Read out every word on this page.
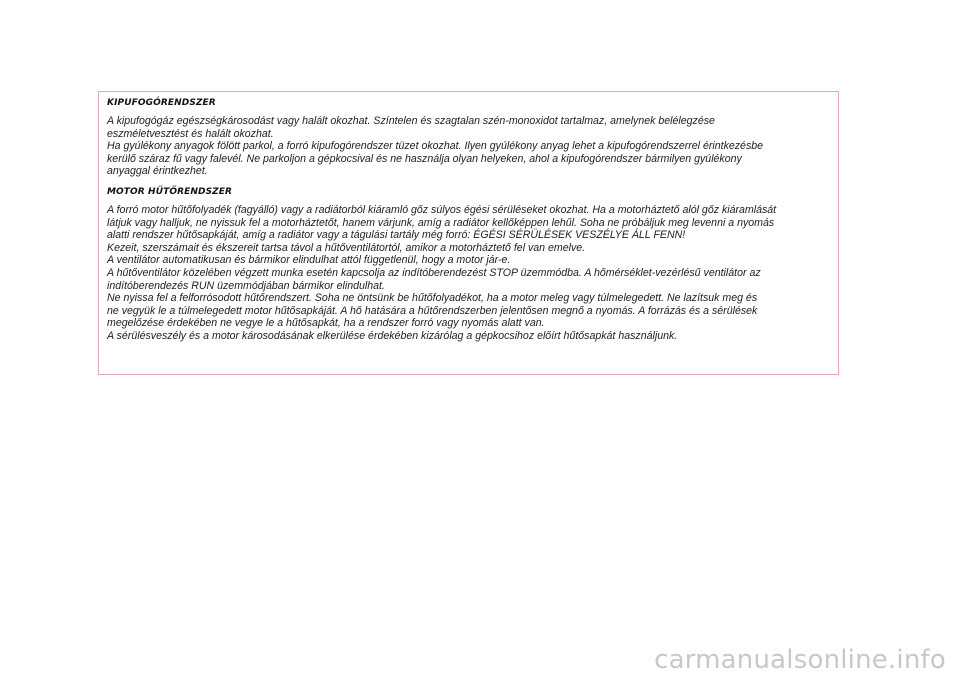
KIPUFOGÓRENDSZER

A kipufogógáz egészségkárosodást vagy halált okozhat. Színtelen és szagtalan szén-monoxidot tartalmaz, amelynek belélegzése

eszméletvesztést és halált okozhat.

Ha gyúlékony anyagok fölött parkol, a forró kipufogórendszer tüzet okozhat. Ilyen gyúlékony anyag lehet a kipufogórendszerrel érintkezésbe

kerülő száraz fű vagy falevél. Ne parkoljon a gépkocsival és ne használja olyan helyeken, ahol a kipufogórendszer bármilyen gyúlékony

anyaggal érintkezhet.

MOTOR HŰTŐRENDSZER

A forró motor hűtőfolyadék (fagyálló) vagy a radiátorból kiáramló gőz súlyos égési sérüléseket okozhat. Ha a motorháztető alól gőz kiáramlását

látjuk vagy halljuk, ne nyissuk fel a motorháztetőt, hanem várjunk, amíg a radiátor kellőképpen lehűl. Soha ne próbáljuk meg levenni a nyomás

alatti rendszer hűtősapkáját, amíg a radiátor vagy a tágulási tartály még forró: ÉGÉSI SÉRÜLÉSEK VESZÉLYE ÁLL FENN!

Kezeit, szerszámait és ékszereit tartsa távol a hűtőventilátortól, amikor a motorháztető fel van emelve.

A ventilátor automatikusan és bármikor elindulhat attól függetlenül, hogy a motor jár-e.

A hűtőventilátor közelében végzett munka esetén kapcsolja az indítóberendezést STOP üzemmódba. A hőmérséklet-vezérlésű ventilátor az

indítóberendezés RUN üzemmódjában bármikor elindulhat.

Ne nyissa fel a felforrósodott hűtőrendszert. Soha ne öntsünk be hűtőfolyadékot, ha a motor meleg vagy túlmelegedett. Ne lazítsuk meg és

ne vegyük le a túlmelegedett motor hűtősapkáját. A hő hatására a hűtőrendszerben jelentősen megnő a nyomás. A forrázás és a sérülések

megelőzése érdekében ne vegye le a hűtősapkát, ha a rendszer forró vagy nyomás alatt van.

A sérülésveszély és a motor károsodásának elkerülése érdekében kizárólag a gépkocsihoz előírt hűtősapkát használjunk.

carmanualsonline.info
